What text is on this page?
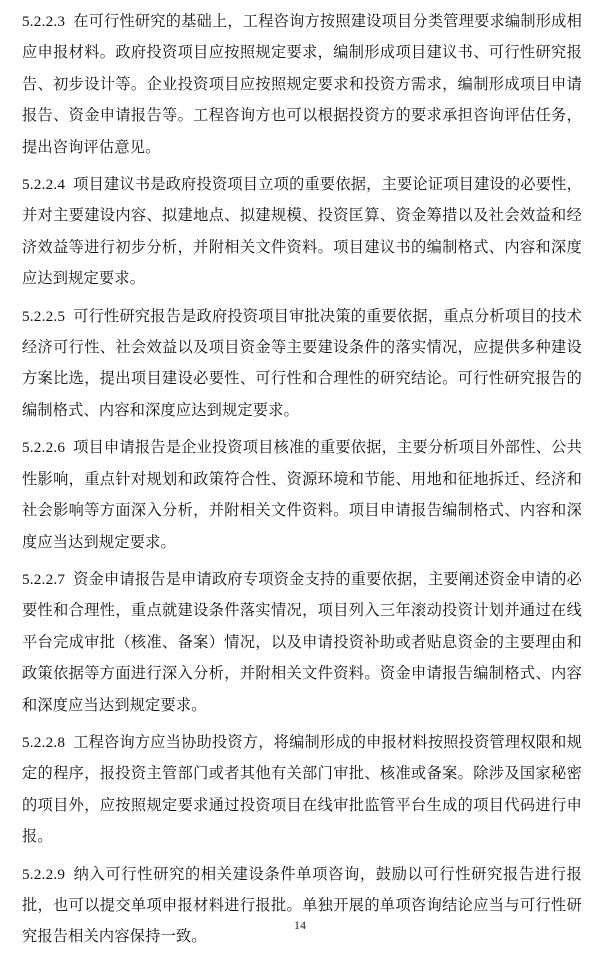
5.2.2.3 在可行性研究的基础上，工程咨询方按照建设项目分类管理要求编制形成相应申报材料。政府投资项目应按照规定要求，编制形成项目建议书、可行性研究报告、初步设计等。企业投资项目应按照规定要求和投资方需求，编制形成项目申请报告、资金申请报告等。工程咨询方也可以根据投资方的要求承担咨询评估任务，提出咨询评估意见。

5.2.2.4 项目建议书是政府投资项目立项的重要依据，主要论证项目建设的必要性，并对主要建设内容、拟建地点、拟建规模、投资匡算、资金筹措以及社会效益和经济效益等进行初步分析，并附相关文件资料。项目建议书的编制格式、内容和深度应达到规定要求。

5.2.2.5 可行性研究报告是政府投资项目审批决策的重要依据，重点分析项目的技术经济可行性、社会效益以及项目资金等主要建设条件的落实情况，应提供多种建设方案比选，提出项目建设必要性、可行性和合理性的研究结论。可行性研究报告的编制格式、内容和深度应达到规定要求。

5.2.2.6 项目申请报告是企业投资项目核准的重要依据，主要分析项目外部性、公共性影响，重点针对规划和政策符合性、资源环境和节能、用地和征地拆迁、经济和社会影响等方面深入分析，并附相关文件资料。项目申请报告编制格式、内容和深度应当达到规定要求。

5.2.2.7 资金申请报告是申请政府专项资金支持的重要依据，主要阐述资金申请的必要性和合理性，重点就建设条件落实情况，项目列入三年滚动投资计划并通过在线平台完成审批（核准、备案）情况，以及申请投资补助或者贴息资金的主要理由和政策依据等方面进行深入分析，并附相关文件资料。资金申请报告编制格式、内容和深度应当达到规定要求。

5.2.2.8 工程咨询方应当协助投资方，将编制形成的申报材料按照投资管理权限和规定的程序，报投资主管部门或者其他有关部门审批、核准或备案。除涉及国家秘密的项目外，应按照规定要求通过投资项目在线审批监管平台生成的项目代码进行申报。

5.2.2.9 纳入可行性研究的相关建设条件单项咨询，鼓励以可行性研究报告进行报批，也可以提交单项申报材料进行报批。单独开展的单项咨询结论应当与可行性研究报告相关内容保持一致。

14
